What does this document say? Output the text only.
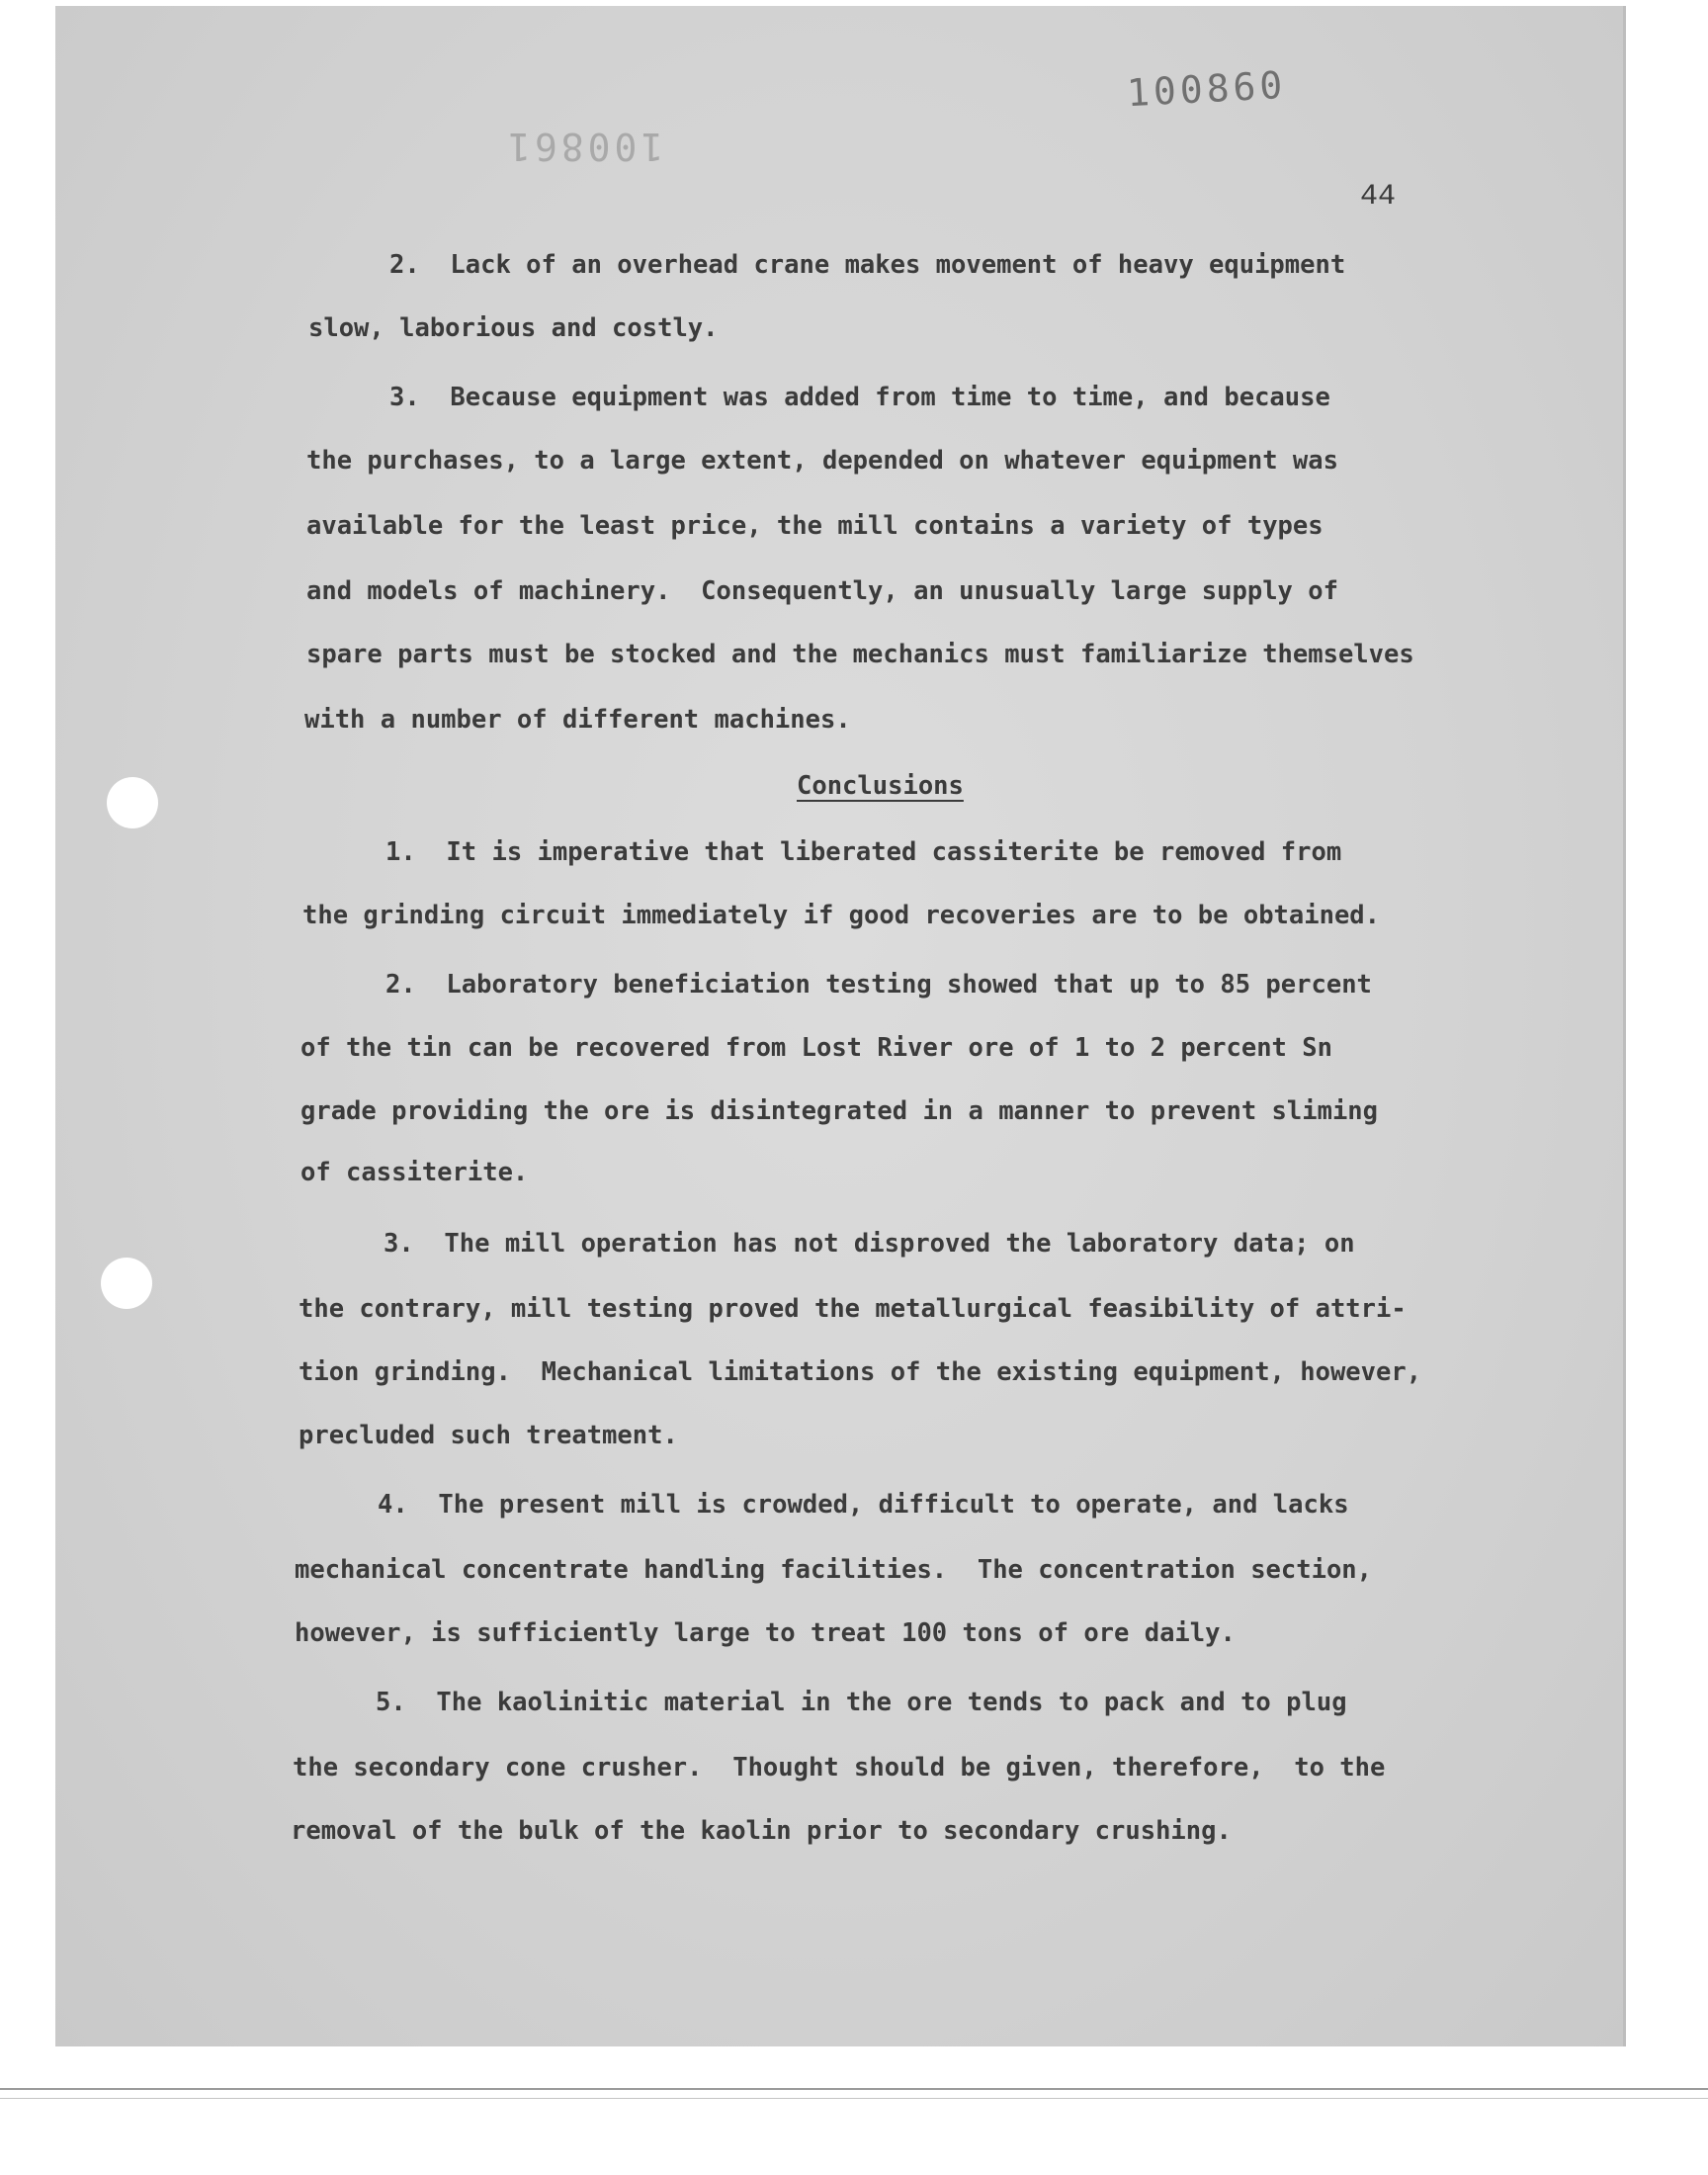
100860
100861
44
2.  Lack of an overhead crane makes movement of heavy equipment
slow, laborious and costly.
3.  Because equipment was added from time to time, and because
the purchases, to a large extent, depended on whatever equipment was
available for the least price, the mill contains a variety of types
and models of machinery.  Consequently, an unusually large supply of
spare parts must be stocked and the mechanics must familiarize themselves
with a number of different machines.
Conclusions
1.  It is imperative that liberated cassiterite be removed from
the grinding circuit immediately if good recoveries are to be obtained.
2.  Laboratory beneficiation testing showed that up to 85 percent
of the tin can be recovered from Lost River ore of 1 to 2 percent Sn
grade providing the ore is disintegrated in a manner to prevent sliming
of cassiterite.
3.  The mill operation has not disproved the laboratory data; on
the contrary, mill testing proved the metallurgical feasibility of attri-
tion grinding.  Mechanical limitations of the existing equipment, however,
precluded such treatment.
4.  The present mill is crowded, difficult to operate, and lacks
mechanical concentrate handling facilities.  The concentration section,
however, is sufficiently large to treat 100 tons of ore daily.
5.  The kaolinitic material in the ore tends to pack and to plug
the secondary cone crusher.  Thought should be given, therefore,  to the
removal of the bulk of the kaolin prior to secondary crushing.
